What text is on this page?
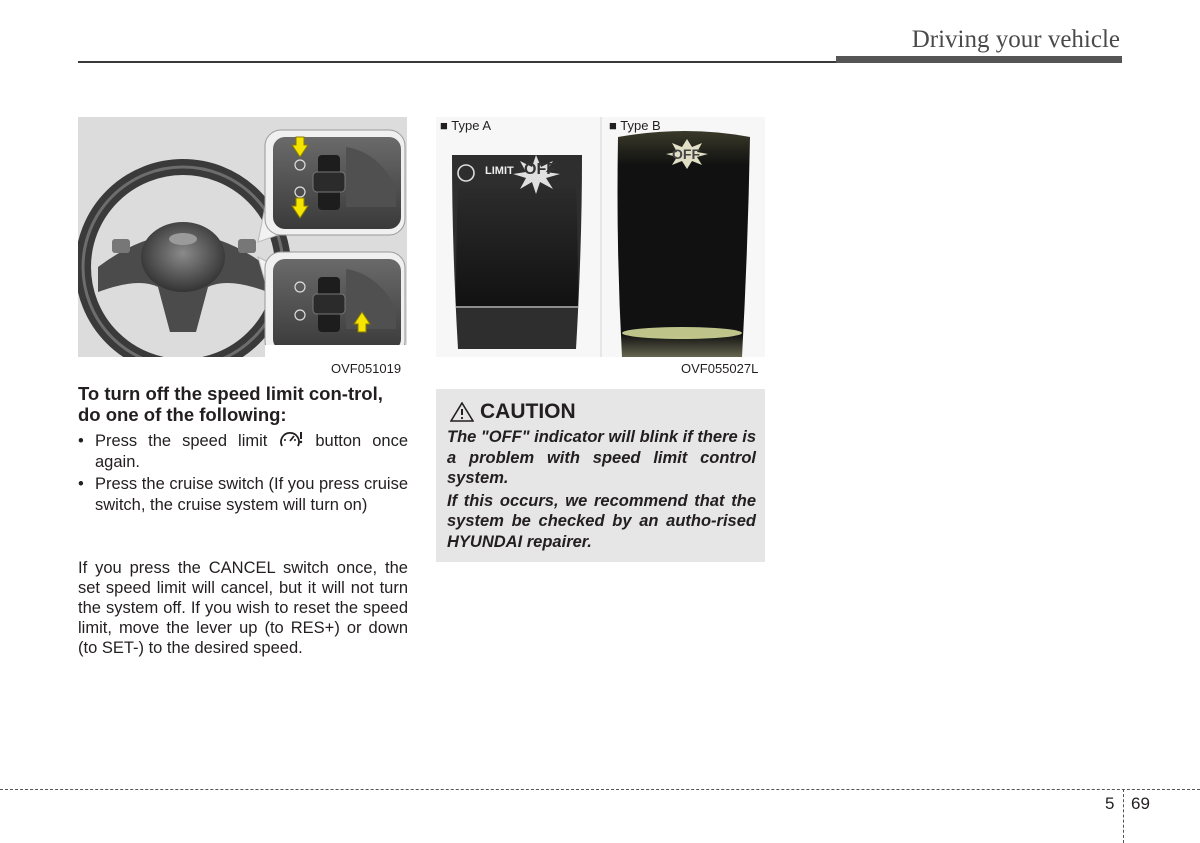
Driving your vehicle
OVF051019
■ Type A	■ Type B
LIMIT OFF
OFF
OVF055027L
To turn off the speed limit con-trol, do one of the following:
• Press the speed limit	button once again.
• Press the cruise switch (If you press cruise switch, the cruise system will turn on)

If you press the CANCEL switch once, the set speed limit will cancel, but it will not turn the system off. If you wish to reset the speed limit, move the lever up (to RES+) or down (to SET-) to the desired speed.

CAUTION

The "OFF" indicator will blink if there is a problem with speed limit control system.

If this occurs, we recommend that the system be checked by an autho-rised HYUNDAI repairer.

5 69
